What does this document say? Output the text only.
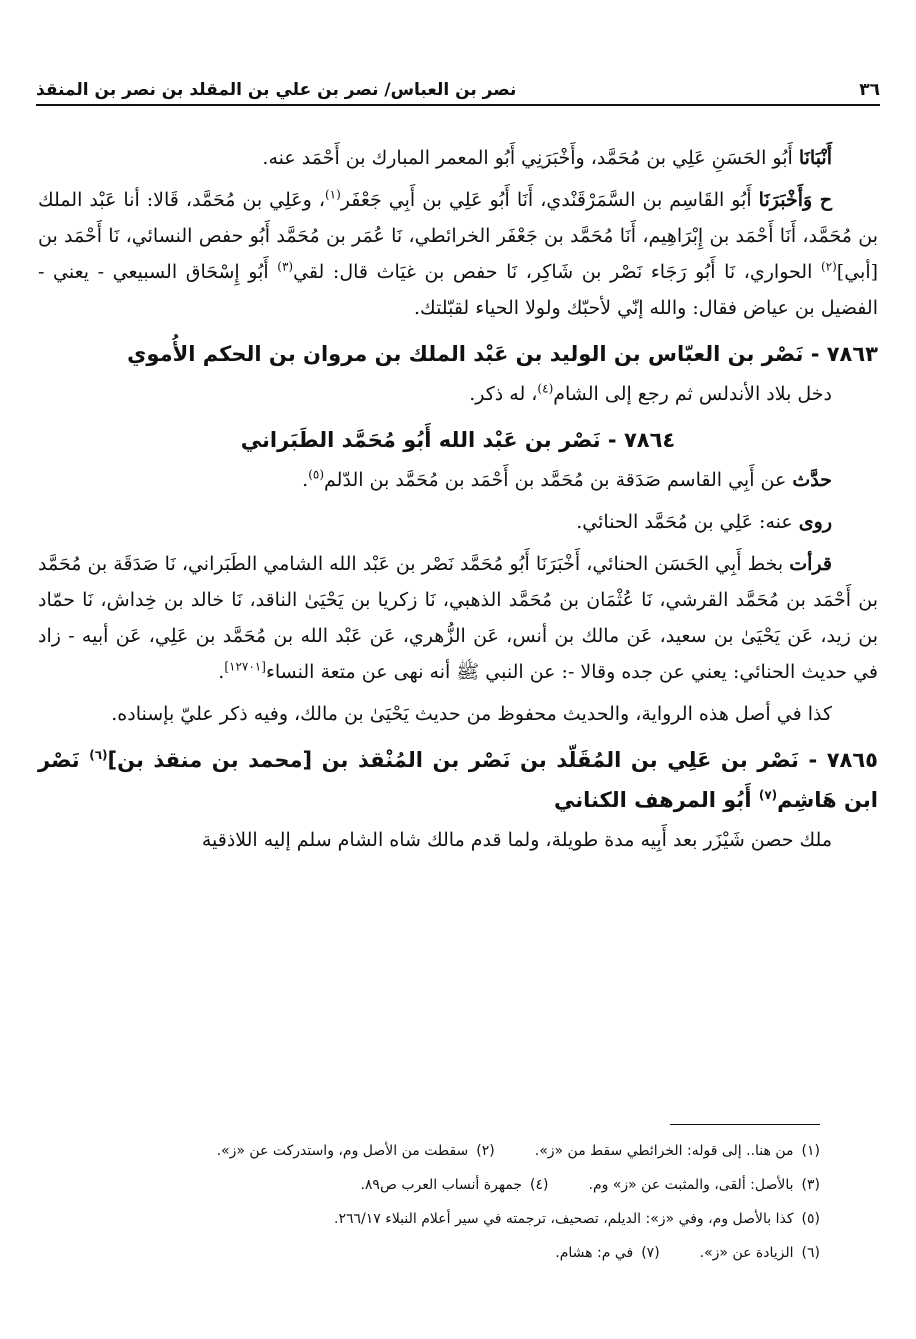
٣٦
نصر بن العباس/ نصر بن علي بن المقلد بن نصر بن المنقذ

أَنْبَانَا أَبُو الحَسَنِ عَلِي بن مُحَمَّد، وأَخْبَرَنِي أَبُو المعمر المبارك بن أَحْمَد عنه.

ح وَأَخْبَرَنَا أَبُو القَاسِم بن السَّمَرْقَنْدي، أَنَا أَبُو عَلِي بن أَبِي جَعْفَر$^{(١)}$، وعَلِي بن مُحَمَّد، قَالا: أنا عَبْد الملك بن مُحَمَّد، أَنَا أَحْمَد بن إِبْرَاهِيم، أَنَا مُحَمَّد بن جَعْفَر الخرائطي، نَا عُمَر بن مُحَمَّد أَبُو حفص النسائي، نَا أَحْمَد بن [أبي]$^{(٢)}$ الحواري، نَا أَبُو رَجَاء نَصْر بن شَاكِر، نَا حفص بن غيَاث قال: لقي$^{(٣)}$ أَبُو إِسْحَاق السبيعي - يعني - الفضيل بن عياض فقال: والله إنّي لأحبّك ولولا الحياء لقبّلتك.

٧٨٦٣ - نَصْر بن العبّاس بن الوليد بن عَبْد الملك بن مروان بن الحكم الأُموي

دخل بلاد الأندلس ثم رجع إلى الشام$^{(٤)}$، له ذكر.

٧٨٦٤ - نَصْر بن عَبْد الله أَبُو مُحَمَّد الطَبَراني

حدَّث عن أَبِي القاسم صَدَقة بن مُحَمَّد بن أَحْمَد بن مُحَمَّد بن الدّلم$^{(٥)}$.

روى عنه: عَلِي بن مُحَمَّد الحنائي.

قرأت بخط أَبِي الحَسَن الحنائي، أَخْبَرَنَا أَبُو مُحَمَّد نَصْر بن عَبْد الله الشامي الطَبَراني، نَا صَدَقَة بن مُحَمَّد بن أَحْمَد بن مُحَمَّد القرشي، نَا عُثْمَان بن مُحَمَّد الذهبي، نَا زكريا بن يَحْيَىٰ الناقد، نَا خالد بن خِداش، نَا حمّاد بن زيد، عَن يَحْيَىٰ بن سعيد، عَن مالك بن أنس، عَن الزُّهري، عَن عَبْد الله بن مُحَمَّد بن عَلِي، عَن أبيه - زاد في حديث الحنائي: يعني عن جده وقالا -: عن النبي ﷺ أنه نهى عن متعة النساء[١٢٧٠١].

كذا في أصل هذه الرواية، والحديث محفوظ من حديث يَحْيَىٰ بن مالك، وفيه ذكر عليّ بإسناده.

٧٨٦٥ - نَصْر بن عَلِي بن المُقَلّد بن نَصْر بن المُنْقذ بن [محمد بن منقذ بن]$^{(٦)}$ نَصْر ابن هَاشِم$^{(٧)}$ أَبُو المرهف الكناني

ملك حصن شَيْزَر بعد أَبِيه مدة طويلة، ولما قدم مالك شاه الشام سلم إليه اللاذقية

(١)من هنا.. إلى قوله: الخرائطي سقط من «ز».
(٢)سقطت من الأصل وم، واستدركت عن «ز».
(٣)بالأصل: ألقى، والمثبت عن «ز» وم.
(٤)جمهرة أنساب العرب ص٨٩.
(٥)كذا بالأصل وم، وفي «ز»: الديلم، تصحيف، ترجمته في سير أعلام النبلاء ٢٦٦/١٧.
(٦)الزيادة عن «ز».
(٧)في م: هشام.
